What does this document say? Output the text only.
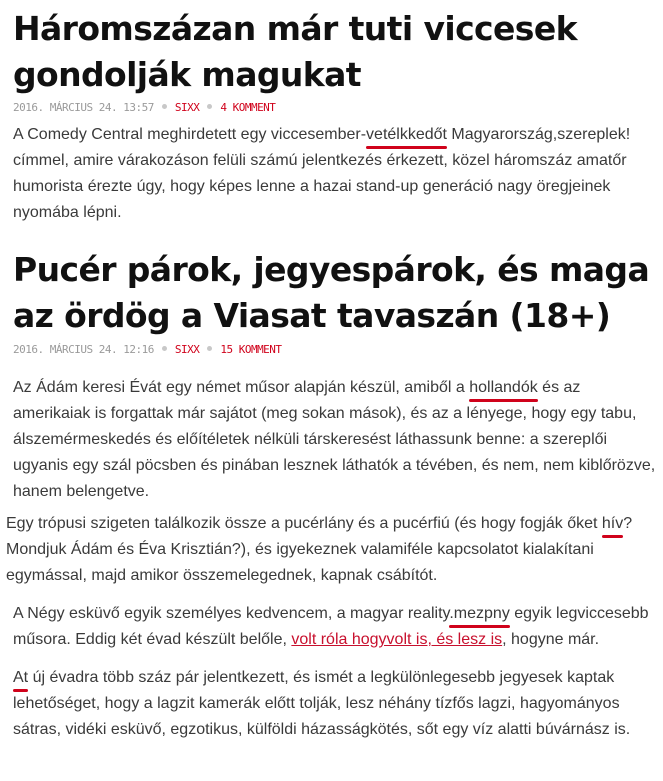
Háromszázan már tuti viccesek gondolják magukat
2016. MÁRCIUS 24. 13:57 SIXX 4 KOMMENT

A Comedy Central meghirdetett egy viccesember-vetélkkedőt Magyarország,szereplek! címmel, amire várakozáson felüli számú jelentkezés érkezett, közel háromszáz amatőr humorista érezte úgy, hogy képes lenne a hazai stand-up generáció nagy öregjeinek nyomába lépni.

Pucér párok, jegyespárok, és maga az ördög a Viasat tavaszán (18+)
2016. MÁRCIUS 24. 12:16 SIXX 15 KOMMENT

Az Ádám keresi Évát egy német műsor alapján készül, amiből a hollandók és az amerikaiak is forgattak már sajátot (meg sokan mások), és az a lényege, hogy egy tabu, álszemérmeskedés és előítéletek nélküli társkeresést láthassunk benne: a szereplői ugyanis egy szál pöcsben és pinában lesznek láthatók a tévében, és nem, nem kiblőrözve, hanem belengetve.

Egy trópusi szigeten találkozik össze a pucérlány és a pucérfiú (és hogy fogják őket hív? Mondjuk Ádám és Éva Krisztián?), és igyekeznek valamiféle kapcsolatot kialakítani egymással, majd amikor összemelegednek, kapnak csábítót.

A Négy esküvő egyik személyes kedvencem, a magyar reality.mezpny egyik legviccesebb műsora. Eddig két évad készült belőle, volt róla hogyvolt is, és lesz is, hogyne már.

At új évadra több száz pár jelentkezett, és ismét a legkülönlegesebb jegyesek kaptak lehetőséget, hogy a lagzit kamerák előtt tolják, lesz néhány tízfős lagzi, hagyományos sátras, vidéki esküvő, egzotikus, külföldi házasságkötés, sőt egy víz alatti búvárnász is.
